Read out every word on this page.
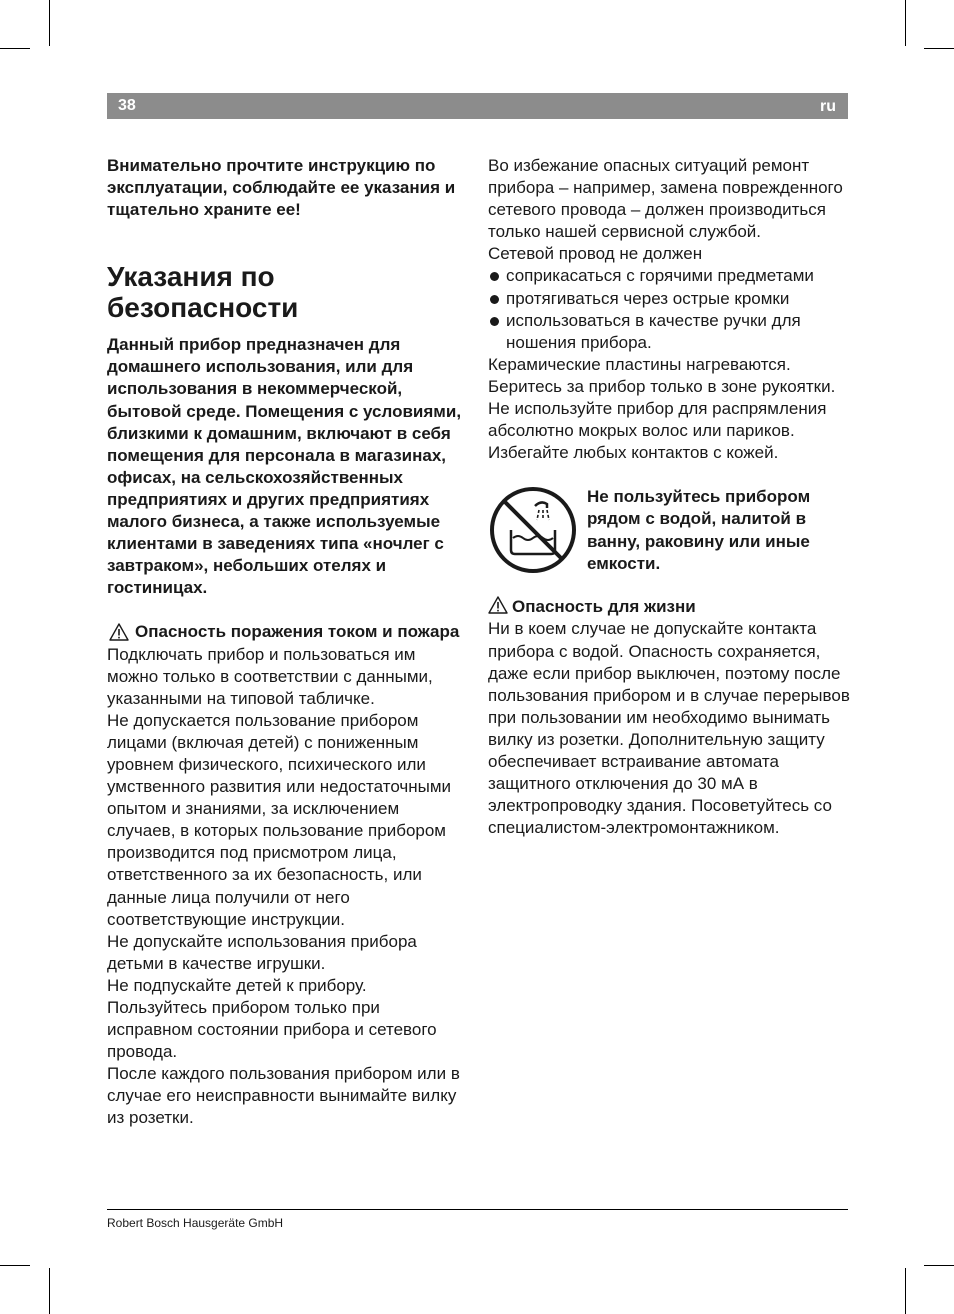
38	ru

Внимательно прочтите инструкцию по эксплуатации, соблюдайте ее указания и тщательно храните ее!

Указания по безопасности

Данный прибор предназначен для домашнего использования, или для использования в некоммерческой, бытовой среде. Помещения с условиями, близкими к домашним, включают в себя помещения для персонала в магазинах, офисах, на сельскохозяйственных предприятиях и других предприятиях малого бизнеса, а также используемые клиентами в заведениях типа «ночлег с завтраком», небольших отелях и гостиницах.

Опасность поражения током и пожара

Подключать прибор и пользоваться им можно только в соответствии с данными, указанными на типовой табличке.

Не допускается пользование прибором лицами (включая детей) с пониженным уровнем физического, психического или умственного развития или недостаточными опытом и знаниями, за исключением случаев, в которых пользование прибором производится под присмотром лица, ответственного за их безопасность, или данные лица получили от него соответствующие инструкции.

Не допускайте использования прибора детьми в качестве игрушки.

Не подпускайте детей к прибору.

Пользуйтесь прибором только при исправном состоянии прибора и сетевого провода.

После каждого пользования прибором или в случае его неисправности вынимайте вилку из розетки.

Во избежание опасных ситуаций ремонт прибора – например, замена поврежденного сетевого провода – должен производиться только нашей сервисной службой.

Сетевой провод не должен

соприкасаться с горячими предметами
протягиваться через острые кромки
использоваться в качестве ручки для ношения прибора.

Керамические пластины нагреваются. Беритесь за прибор только в зоне рукоятки.

Не используйте прибор для распрямления абсолютно мокрых волос или париков.

Избегайте любых контактов с кожей.

Не пользуйтесь прибором рядом с водой, налитой в ванну, раковину или иные емкости.

Опасность для жизни

Ни в коем случае не допускайте контакта прибора с водой. Опасность сохраняется, даже если прибор выключен, поэтому после пользования прибором и в случае перерывов при пользовании им необходимо вынимать вилку из розетки. Дополнительную защиту обеспечивает встраивание автомата защитного отключения до 30 мА в электропроводку здания. Посоветуйтесь со специалистом-электромонтажником.

Robert Bosch Hausgeräte GmbH
